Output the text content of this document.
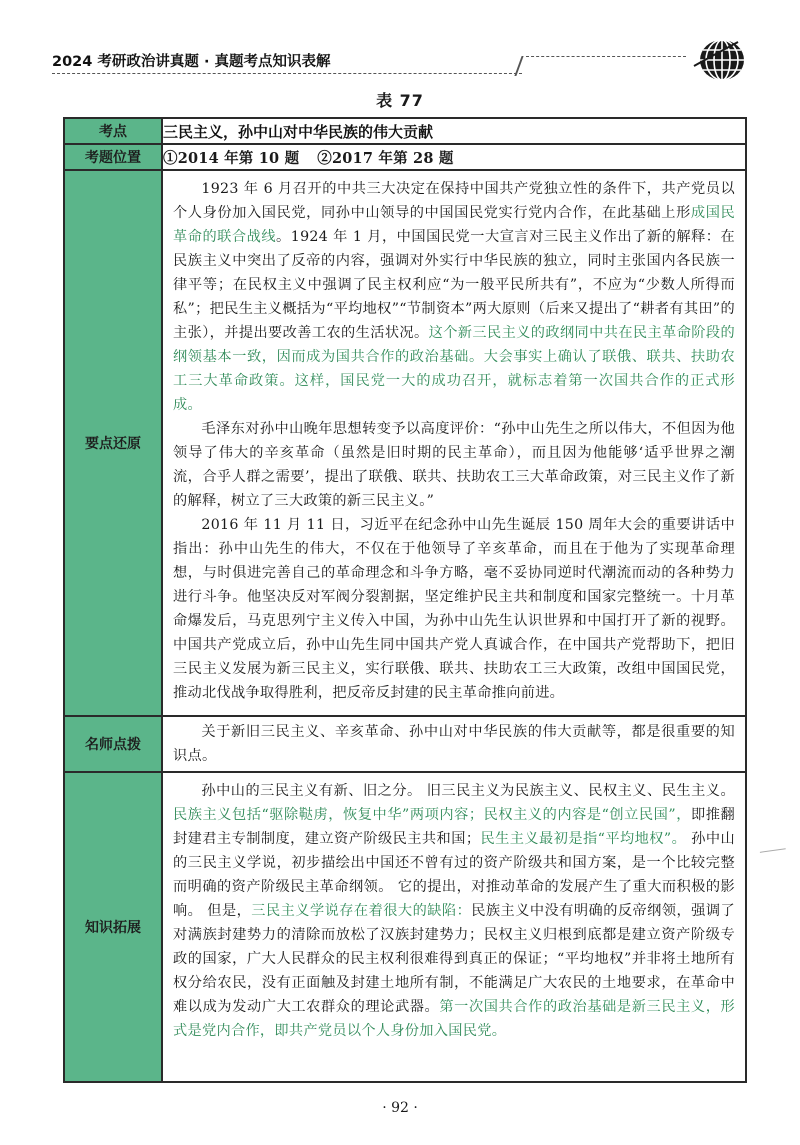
2024 考研政治讲真题 · 真题考点知识表解
表 77
考点	三民主义，孙中山对中华民族的伟大贡献
考题位置	①2014 年第 10 题 ②2017 年第 28 题
要点还原	1923 年 6 月召开的中共三大决定在保持中国共产党独立性的条件下，共产党员以个人身份加入国民党，同孙中山领导的中国国民党实行党内合作，在此基础上形成国民革命的联合战线。1924 年 1 月，中国国民党一大宣言对三民主义作出了新的解释：在民族主义中突出了反帝的内容，强调对外实行中华民族的独立，同时主张国内各民族一律平等；在民权主义中强调了民主权利应“为一般平民所共有”，不应为“少数人所得而私”；把民生主义概括为“平均地权”“节制资本”两大原则（后来又提出了“耕者有其田”的主张），并提出要改善工农的生活状况。这个新三民主义的政纲同中共在民主革命阶段的纲领基本一致，因而成为国共合作的政治基础。大会事实上确认了联俄、联共、扶助农工三大革命政策。这样，国民党一大的成功召开，就标志着第一次国共合作的正式形成。

毛泽东对孙中山晚年思想转变予以高度评价：“孙中山先生之所以伟大，不但因为他领导了伟大的辛亥革命（虽然是旧时期的民主革命），而且因为他能够‘适乎世界之潮流，合乎人群之需要’，提出了联俄、联共、扶助农工三大革命政策，对三民主义作了新的解释，树立了三大政策的新三民主义。”

2016 年 11 月 11 日，习近平在纪念孙中山先生诞辰 150 周年大会的重要讲话中指出：孙中山先生的伟大，不仅在于他领导了辛亥革命，而且在于他为了实现革命理想，与时俱进完善自己的革命理念和斗争方略，毫不妥协同逆时代潮流而动的各种势力进行斗争。他坚决反对军阀分裂割据，坚定维护民主共和制度和国家完整统一。十月革命爆发后，马克思列宁主义传入中国，为孙中山先生认识世界和中国打开了新的视野。中国共产党成立后，孙中山先生同中国共产党人真诚合作，在中国共产党帮助下，把旧三民主义发展为新三民主义，实行联俄、联共、扶助农工三大政策，改组中国国民党，推动北伐战争取得胜利，把反帝反封建的民主革命推向前进。

名师点拨	关于新旧三民主义、辛亥革命、孙中山对中华民族的伟大贡献等，都是很重要的知识点。

知识拓展	孙中山的三民主义有新、旧之分。 旧三民主义为民族主义、民权主义、民生主义。民族主义包括“驱除鞑虏，恢复中华”两项内容；民权主义的内容是“创立民国”，即推翻封建君主专制制度，建立资产阶级民主共和国；民生主义最初是指“平均地权”。 孙中山的三民主义学说，初步描绘出中国还不曾有过的资产阶级共和国方案，是一个比较完整而明确的资产阶级民主革命纲领。 它的提出，对推动革命的发展产生了重大而积极的影响。 但是，三民主义学说存在着很大的缺陷：民族主义中没有明确的反帝纲领，强调了对满族封建势力的清除而放松了汉族封建势力；民权主义归根到底都是建立资产阶级专政的国家，广大人民群众的民主权利很难得到真正的保证；“平均地权”并非将土地所有权分给农民，没有正面触及封建土地所有制，不能满足广大农民的土地要求，在革命中难以成为发动广大工农群众的理论武器。第一次国共合作的政治基础是新三民主义，形式是党内合作，即共产党员以个人身份加入国民党。

· 92 ·
